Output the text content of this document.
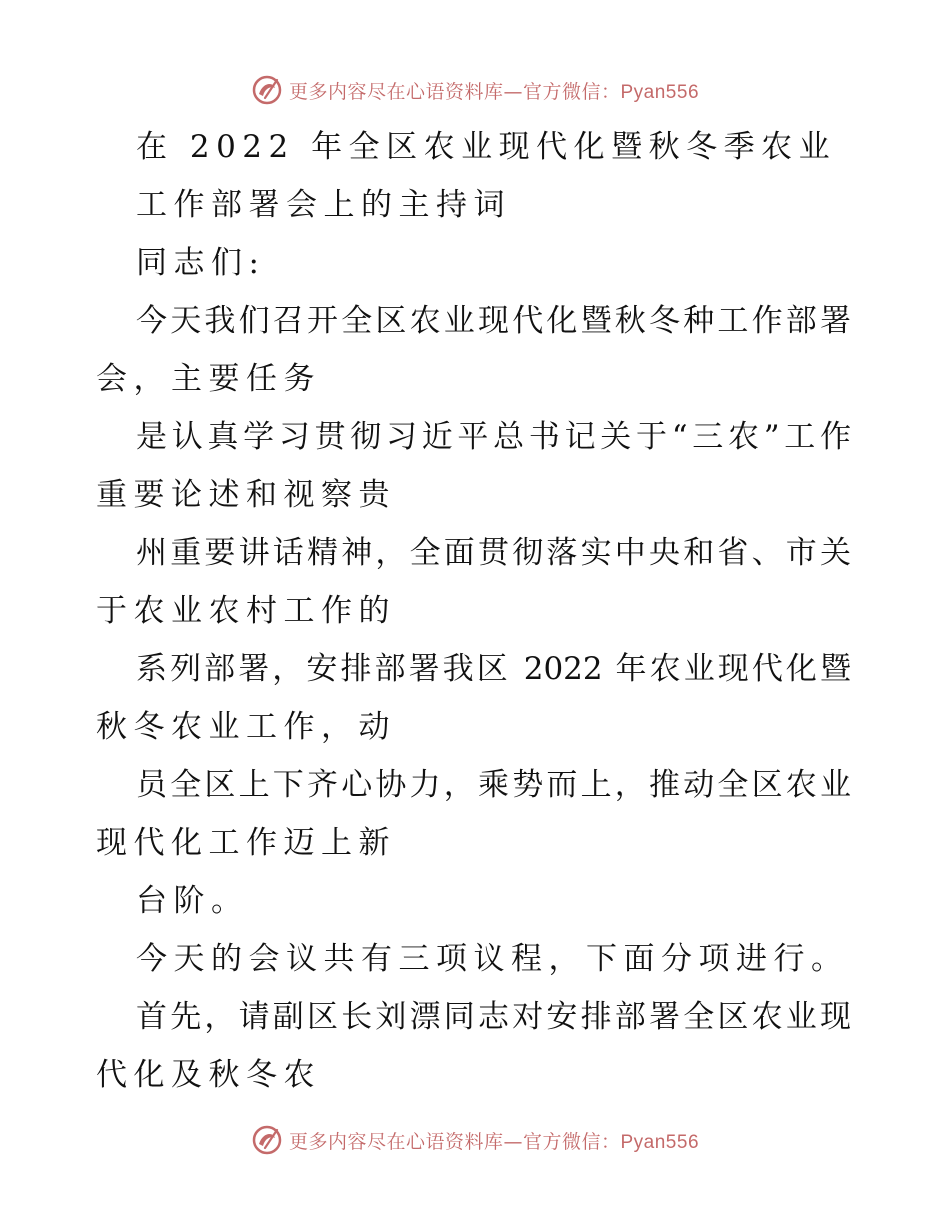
更多内容尽在心语资料库—官方微信：Pyan556
在 2022 年全区农业现代化暨秋冬季农业
工作部署会上的主持词
同志们:
今天我们召开全区农业现代化暨秋冬种工作部署
会，主要任务
是认真学习贯彻习近平总书记关于“三农”工作
重要论述和视察贵
州重要讲话精神，全面贯彻落实中央和省、市关
于农业农村工作的
系列部署，安排部署我区 2022 年农业现代化暨
秋冬农业工作，动
员全区上下齐心协力，乘势而上，推动全区农业
现代化工作迈上新
台阶。
今天的会议共有三项议程，下面分项进行。
首先，请副区长刘漂同志对安排部署全区农业现
代化及秋冬农
更多内容尽在心语资料库—官方微信：Pyan556
